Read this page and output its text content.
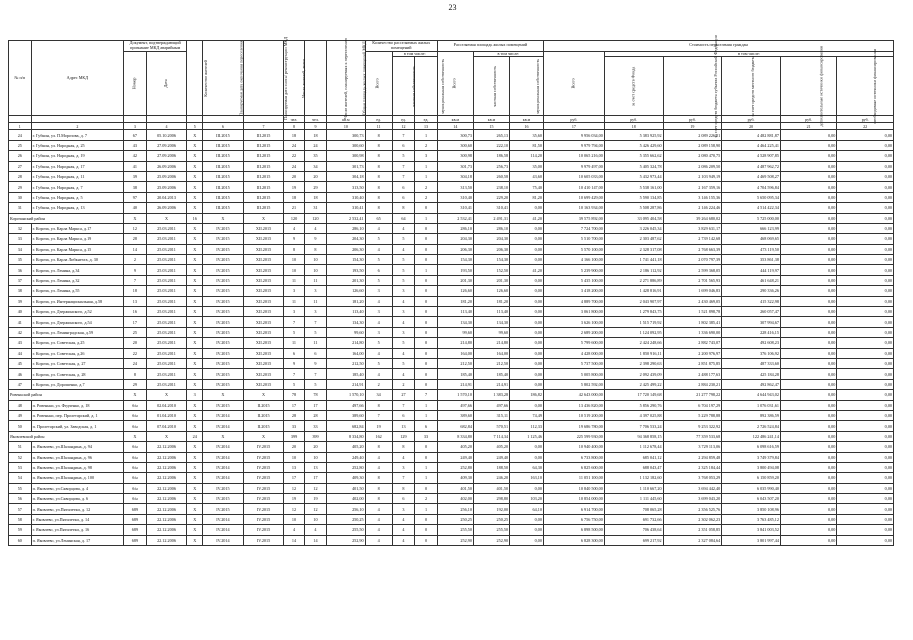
23
№ п/п	Адрес МКД	Документ, подтверждающий признание МКД аварийным		Количество жителей	Планируемая дата окончания переселения	Планируемая дата сноса/ реконструкции МКД	Число жителей, всего	Число жителей, планируемых к переселению	Общая площадь жилых помещений МКД	Количество расселяемых жилых помещений			Расселяемая площадь жилых помещений			Стоимость переселения граждан					
		Номер	Дата							Всего	в том числе:		Всего	в том числе:		Всего	в том числе:				
											частная собственность	муниципальная собственность		частная собственность	муниципальная собственность		за счет средств Фонда	за счет средств бюджета субъекта Российской Федерации	за счет средств местного бюджета	дополнительные источники финансирования	необходимые источники финансирования
							чел.	чел.	кв.м	ед.	ед.	ед.	кв.м	кв.м	кв.м	руб.	руб.	руб.	руб.	руб.	руб.
1	2	3	4	5	6	7	8	9	10	11	12	13	14	15	16	17	18	19	20	21	22
24	г. Губкин, ул. П.Морозова, д. 7	67	05.10.2006	Х	III.2015	III.2015	18	18	300,73	8	7	1	300,73	265,13	35,60	9 956 034,00	5 383 925,92	2 089 226,21	4 482 881,87	0,00	0,00
25	г. Губкин, ул. Народная, д. 25	43	27.09.2006	Х	III.2015	III.2015	24	24	300,60	8	6	2	300,60	222,10	81,50	9 979 794,00	5 426 429,60	2 089 158,90	4 464 225,41	0,00	0,00
26	г. Губкин, ул. Народная, д. 19	42	27.09.2006	Х	III.2015	III.2015	22	35	300,98	8	5	3	300,98	186,58	114,20	10 065 216,00	5 355 662,62	2 080 470,75	4 528 907,85	0,00	0,00
27	г. Губкин, ул. Народная, д. 17	41	26.09.2006	Х	III.2015	III.2015	24	34	301,73	8	7	1	301,73	256,73	35,00	9 979 497,00	5 405 324,78	2 086 209,50	4 487 962,72	0,00	0,00
28	г. Губкин, ул. Народная, д. 11	39	25.09.2006	Х	III.2015	III.2015	20	20	304,18	8	7	1	304,18	260,58	43,60	10 605 033,00	5 432 973,44	2 103 949,19	4 469 508,27	0,00	0,00
29	г. Губкин, ул. Народная, д. 7	38	25.09.2006	Х	III.2015	III.2015	19	29	313,50	8	6	2	313,50	238,10	75,40	10 410 147,00	5 538 161,00	2 167 359,16	4 704 596,84	0,00	0,00
30	г. Губкин, ул. Народная, д. 5	97	20.04.2013	Х	III.2015	III.2015	18	18	310,40	8	6	2	310,40	229,20	81,20	10 699 429,00	5 590 134,85	3 146 155,36	5 650 095,34	0,00	0,00
31	г. Губкин, ул. Народная, д. 13	40	26.09.2006	Х	III.2015	III.2015	21	31	310,41	8	8	0	310,41	310,41	0,00	10 163 934,00	5 508 287,86	2 146 224,46	4 514 422,34	0,00	0,00
Корочанский район		Х	Х	16	Х	Х	120	120	2 532,41	65	64	1	2 532,41	2 491,31	41,20	39 575 892,00	33 095 404,58	39 264 680,02	5 725 000,00	0,00	0,00
32	г. Короча, ул. Карла Маркса, д.17	12	25.03.2011	Х	IV.2015	XII.2015	4	4	286,10	4	4	0	286,10	286,10	0,00	7 724 700,00	3 226 045,34	3 829 631,17	666 123,99	0,00	0,00
33	г. Короча, ул. Карла Маркса, д.19	28	25.03.2011	Х	IV.2015	XII.2015	9	9	204,30	5	5	0	204,30	204,30	0,00	5 510 700,00	2 303 487,62	2 739 142,68	468 069,65	0,00	0,00
34	г. Короча, ул. Карла Маркса, д.15	14	25.03.2011	Х	IV.2015	XII.2015	8	8	206,30	4	4	0	206,30	206,30	0,00	5 570 100,00	2 328 317,08	2 768 663,39	473 119,50	0,00	0,00
35	г. Короча, ул. Карла Либкнехта, д. 30	2	25.03.2011	Х	IV.2015	XII.2015	10	10	154,30	5	5	0	154,30	154,30	0,00	4 166 100,00	1 741 441,18	2 070 797,39	353 861,38	0,00	0,00
36	г. Короча, ул. Ленина, д.34	9	25.03.2011	Х	IV.2015	XII.2015	10	10	193,50	6	5	1	193,50	152,50	41,20	5 239 900,00	2 186 112,92	2 599 368,05	444 119,97	0,00	0,00
37	г. Короча, ул. Ленина, д.32	7	25.03.2011	Х	IV.2015	XII.2015	11	11	201,30	5	5	0	201,30	201,30	0,00	5 435 100,00	2 271 886,89	2 701 565,93	461 648,21	0,00	0,00
38	г. Короча, ул. Ленина, д.55	18	25.03.2011	Х	IV.2015	XII.2015	3	3	126,60	3	3	0	126,60	126,60	0,00	3 418 200,00	1 428 816,91	1 699 046,83	290 336,26	0,00	0,00
39	г. Короча, ул. Интернациональная, д.58	13	25.03.2011	Х	IV.2015	XII.2015	11	11	181,20	4	4	0	181,20	181,20	0,00	4 889 700,00	2 043 907,97	2 430 469,05	415 322,98	0,00	0,00
40	г. Короча, ул. Дзержинского, д.52	16	25.03.2011	Х	IV.2015	XII.2015	3	3	113,40	3	3	0	113,40	113,40	0,00	3 061 800,00	1 279 843,75	1 521 898,78	260 057,47	0,00	0,00
41	г. Короча, ул. Дзержинского, д.54	17	25.03.2011	Х	IV.2015	XII.2015	7	7	134,30	4	4	0	134,30	134,30	0,00	3 626 100,00	1 515 719,92	1 802 385,41	307 994,67	0,00	0,00
42	г. Короча, ул. Ленинградская, д.59	25	25.03.2011	Х	IV.2015	XII.2015	5	5	99,60	3	3	0	99,60	99,60	0,00	2 689 200,00	1 124 092,95	1 336 690,00	228 416,15	0,00	0,00
43	г. Короча, ул. Советская, д.25	20	25.03.2011	Х	IV.2015	XII.2015	11	11	214,80	5	5	0	214,80	214,80	0,00	5 799 600,00	2 424 248,66	2 882 743,07	492 608,23	0,00	0,00
44	г. Короча, ул. Советская, д.26	22	25.03.2011	Х	IV.2015	XII.2015	6	6	164,00	4	4	0	164,00	164,00	0,00	4 428 000,00	1 850 916,11	2 200 976,97	376 106,92	0,00	0,00
45	г. Короча, ул. Советская, д. 27	24	25.03.2011	Х	IV.2015	XII.2015	9	9	212,50	5	5	0	212,50	212,50	0,00	5 737 500,00	2 398 290,63	2 851 875,85	487 333,60	0,00	0,00
46	г. Короча, ул. Советская, д. 28	8	25.03.2011	Х	IV.2015	XII.2015	7	7	185,40	4	4	0	185,40	185,40	0,00	5 005 800,00	2 092 439,09	2 488 177,63	425 184,28	0,00	0,00
47	г. Короча, ул. Дорошенко, д.7	29	25.03.2011	Х	IV.2015	XII.2015	5	5	214,91	2	2	0	214,91	214,91	0,00	5 802 592,00	2 425 499,22	2 884 230,21	492 862,47	0,00	0,00
Ровеньской район		Х	Х	3	Х	Х	78	78	1 570,10	34	27	7	1 570,10	1 383,28	186,82	42 643 000,00	17 720 149,68	21 277 798,22	4 644 943,02	0,00	0,00
48	п. Ровеньки, ул. Федченко, д. 18	б/н	02.04.2010	Х	IV.2015	II.2015	17	17	497,66	8	7	1	497,66	497,66	0,00	13 436 820,00	5 856 290,76	6 704 197,29	1 076 031,61	0,00	0,00
49	п. Ровеньки, пер. Пролетарский, д. 1	б/н	01.04.2010	Х	IV.2014	II.2015	28	28	389,60	7	6	1	389,60	315,11	74,49	10 519 200,00	4 397 025,88	5 229 788,88	892 386,59	0,00	0,00
50	п. Пролетарский, ул. Заводская, д. 1	б/н	07.04.2010	Х	IV.2014	II.2015	33	33	682,84	19	13	6	682,84	570,51	112,33	19 686 780,00	7 706 533,24	9 253 322,92	2 726 524,84	0,00	0,00
Яковлевский район		Х	Х	24	Х	Х	399	399	8 334,80	162	129	33	8 334,80	7 114,34	1 125,46	225 599 930,00	94 368 858,15	77 359 533,68	122 486 241,14	0,00	0,00
51	п. Яковлево, ул.Шаландина, д. 94	б/н	22.12.2006	Х	IV.2014	IV.2015	20	20	405,20	8	8	0	405,20	405,20	0,00	10 940 400,00	1 112 678,44	3 729 113,06	6 098 616,59	0,00	0,00
52	п. Яковлево, ул.Шаландина, д. 96	б/н	22.12.2006	Х	IV.2014	IV.2015	10	10	249,40	4	4	0	249,40	249,40	0,00	6 733 800,00	685 041,12	2 294 859,48	3 749 379,84	0,00	0,00
53	п. Яковлево, ул.Шаландина, д. 98	б/н	22.12.2006	Х	IV.2014	IV.2015	13	13	252,80	4	3	1	252,80	188,50	64,30	6 825 600,00	688 043,47	2 325 184,44	3 800 494,08	0,00	0,00
54	п. Яковлево, ул.Шаландина, д. 100	б/н	22.12.2006	Х	IV.2014	IV.2015	17	17	409,30	8	7	1	409,30	246,20	163,10	11 051 100,00	1 132 182,60	3 768 053,29	6 150 859,20	0,00	0,00
55	п. Яковлево, ул.Скворцова, д. 4	б/н	22.12.2006	Х	IV.2015	IV.2015	12	12	401,50	8	8	0	401,50	401,50	0,00	10 840 500,00	1 110 667,20	3 694 442,40	6 035 990,40	0,00	0,00
56	п. Яковлево, ул.Скворцова, д. 6	б/н	22.12.2006	Х	IV.2015	IV.2015	19	19	402,00	8	6	2	402,00	298,80	103,20	10 854 000,00	1 111 445,60	3 699 043,20	6 043 507,20	0,00	0,00
57	п. Яковлево, ул.Пятилетки, д. 12	689	22.12.2006	Х	IV.2015	IV.2015	12	12	256,10	4	3	1	256,10	192,00	64,10	6 914 700,00	708 065,28	2 356 525,76	3 850 108,96	0,00	0,00
58	г. Яковлево, ул.Пятилетки, д. 14	689	22.12.2006	Х	IV.2014	IV.2015	10	10	250,25	4	4	0	250,25	250,25	0,00	6 756 750,00	691 732,66	2 302 062,23	3 763 485,12	0,00	0,00
59	г. Яковлево, ул.Пятилетки, д. 16	689	22.12.2006	Х	IV.2014	IV.2015	4	4	255,50	4	4	0	255,50	255,50	0,00	6 898 500,00	706 438,64	2 351 058,85	3 841 003,52	0,00	0,00
60	п. Яковлево, ул.Ленинская, д. 17	689	22.12.2006	Х	IV.2014	IV.2015	14	14	252,90	4	4	0	252,90	252,90	0,00	6 828 300,00	699 217,92	2 327 084,64	3 801 997,44	0,00	0,00
